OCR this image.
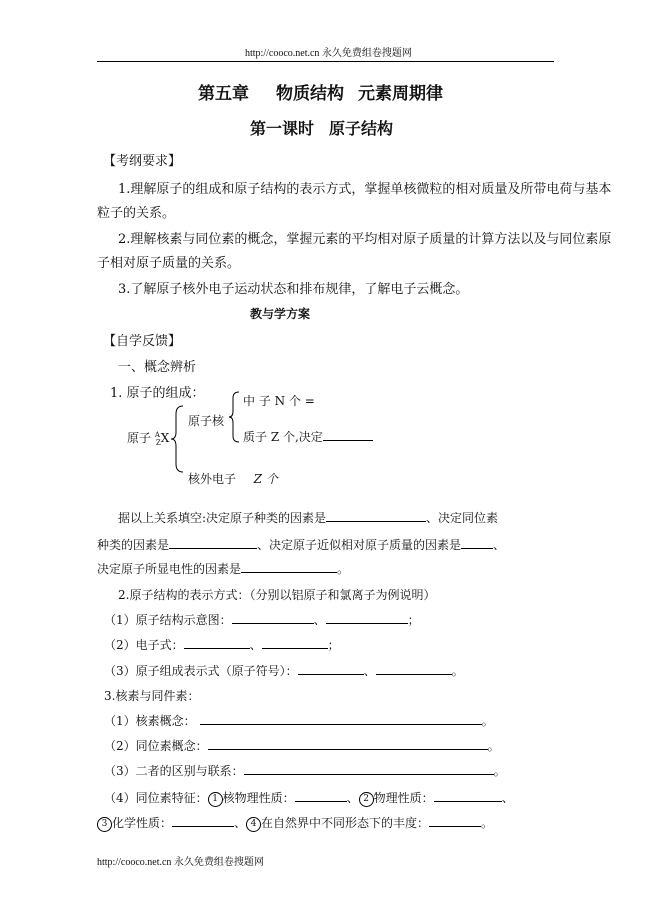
http://cooco.net.cn 永久免费组卷搜题网
第五章 物质结构 元素周期律
第一课时 原子结构
【考纲要求】
1.理解原子的组成和原子结构的表示方式，掌握单核微粒的相对质量及所带电荷与基本
粒子的关系。
2.理解核素与同位素的概念，掌握元素的平均相对原子质量的计算方法以及与同位素原
子相对原子质量的关系。
3.了解原子核外电子运动状态和排布规律，了解电子云概念。
教与学方案
【自学反馈】
一、概念辨析
1. 原子的组成：
原子 $^A_Z$X
原子核
中 子 N 个 =
质子 Z 个,决定
核外电子 Z 个
据以上关系填空:决定原子种类的因素是	、决定同位素
种类的因素是	、决定原子近似相对原子质量的因素是	、
决定原子所显电性的因素是	。
2.原子结构的表示方式：（分别以铝原子和氯离子为例说明）
（1）原子结构示意图：	、	；
（2）电子式：	、	；
（3）原子组成表示式（原子符号）：	、	。
3.核素与同件素：
（1）核素概念：	。
（2）同位素概念：	。
（3）二者的区别与联系：	。
（4）同位素特征： 1 核物理性质：	、 2 物理性质：	、
3 化学性质：	、 4 在自然界中不同形态下的丰度：	。
http://cooco.net.cn 永久免费组卷搜题网
